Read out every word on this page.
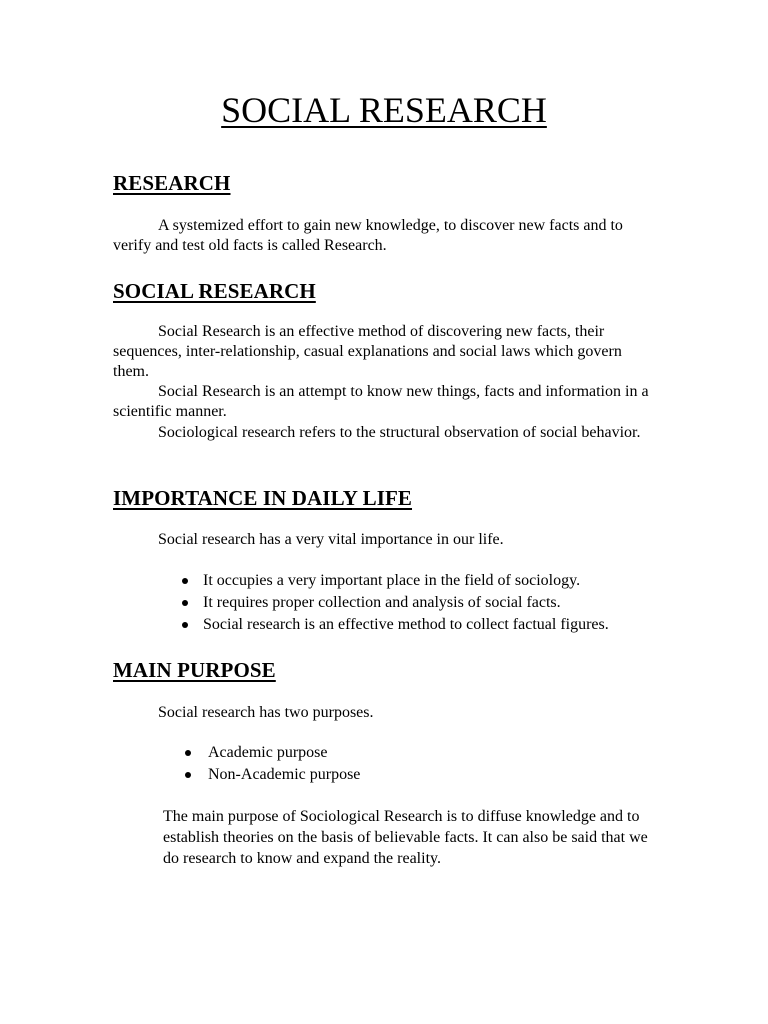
SOCIAL RESEARCH
RESEARCH

A systemized effort to gain new knowledge, to discover new facts and to verify and test old facts is called Research.

SOCIAL RESEARCH

Social Research is an effective method of discovering new facts, their sequences, inter-relationship, casual explanations and social laws which govern them.

Social Research is an attempt to know new things, facts and information in a scientific manner.

Sociological research refers to the structural observation of social behavior.

IMPORTANCE IN DAILY LIFE

Social research has a very vital importance in our life.

It occupies a very important place in the field of sociology.
It requires proper collection and analysis of social facts.
Social research is an effective method to collect factual figures.
MAIN PURPOSE

Social research has two purposes.

Academic purpose
Non-Academic purpose

The main purpose of Sociological Research is to diffuse knowledge and to establish theories on the basis of believable facts. It can also be said that we do research to know and expand the reality.
